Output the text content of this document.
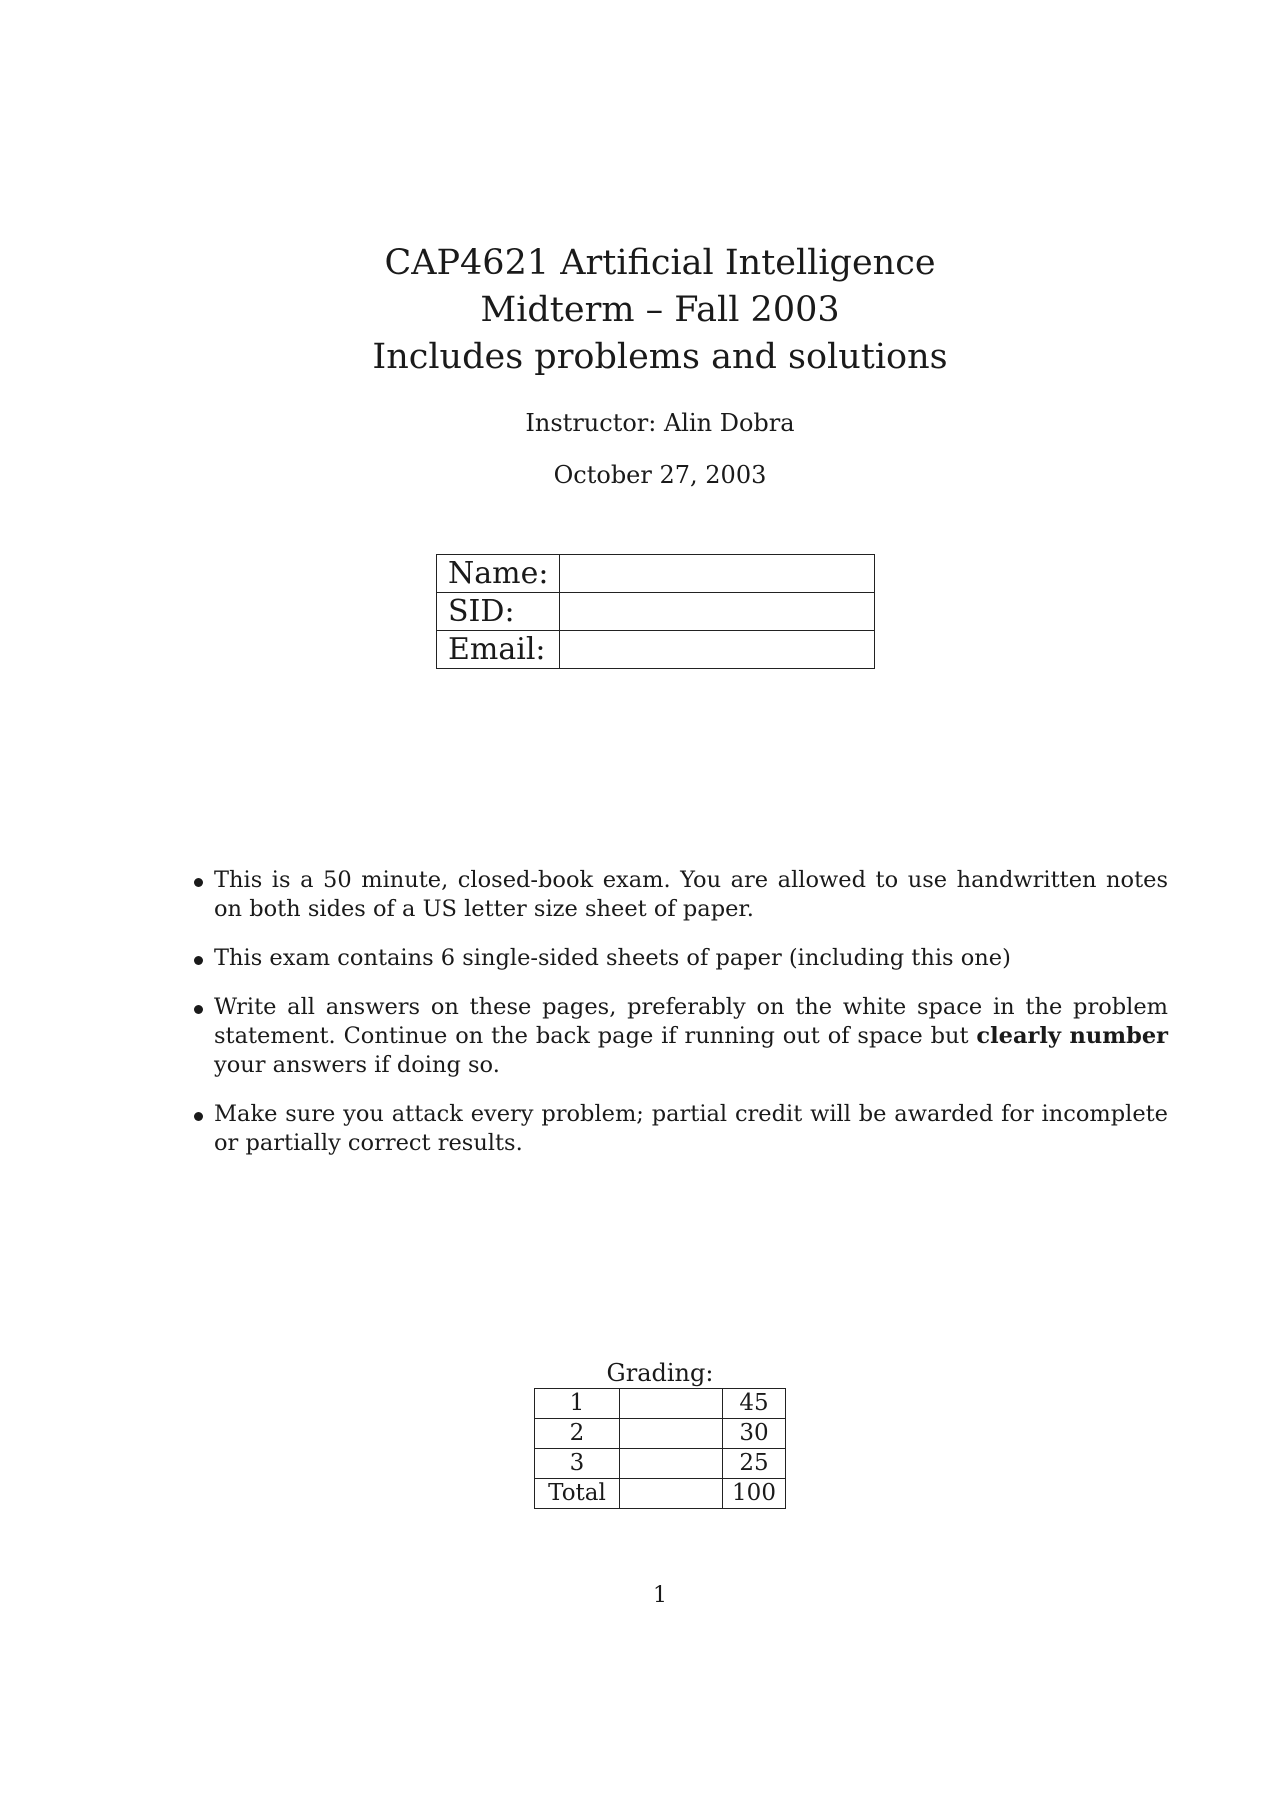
CAP4621 Artificial Intelligence
Midterm – Fall 2003
Includes problems and solutions
Instructor: Alin Dobra
October 27, 2003
Name:	
SID:	
Email:	
This is a 50 minute, closed-book exam. You are allowed to use handwritten notes on both sides of a US letter size sheet of paper.
This exam contains 6 single-sided sheets of paper (including this one)
Write all answers on these pages, preferably on the white space in the problem statement. Continue on the back page if running out of space but clearly number your answers if doing so.
Make sure you attack every problem; partial credit will be awarded for incomplete or partially correct results.
Grading:
1		45
2		30
3		25
Total		100
1
